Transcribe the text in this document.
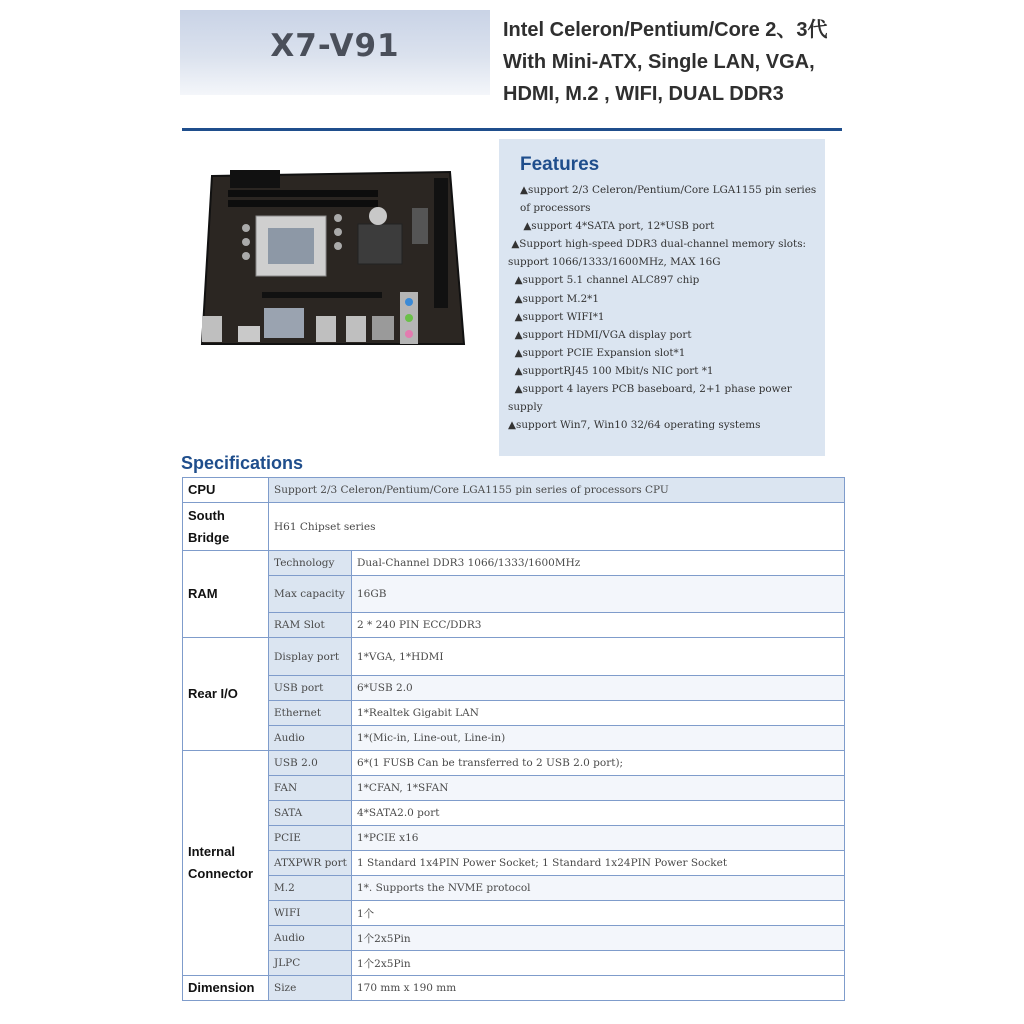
X7-V91	Intel Celeron/Pentium/Core 2、3代
With Mini-ATX, Single LAN, VGA,
HDMI, M.2 , WIFI, DUAL DDR3
Features
▲support 2/3 Celeron/Pentium/Core LGA1155 pin series of processors
▲support 4*SATA port, 12*USB port
▲Support high-speed DDR3 dual-channel memory slots: support 1066/1333/1600MHz, MAX 16G
▲support 5.1 channel ALC897 chip
▲support M.2*1
▲support WIFI*1
▲support HDMI/VGA display port
▲support PCIE Expansion slot*1
▲supportRJ45 100 Mbit/s NIC port *1
▲support 4 layers PCB baseboard, 2+1 phase power supply
▲support Win7, Win10 32/64 operating systems
Specifications
CPU	Support 2/3 Celeron/Pentium/Core LGA1155 pin series of processors CPU	
South Bridge	H61 Chipset series	
RAM	Technology	Dual-Channel DDR3 1066/1333/1600MHz
	Max capacity	16GB
	RAM Slot	2 * 240 PIN ECC/DDR3
Rear I/O	Display port	1*VGA, 1*HDMI
	USB port	6*USB 2.0
	Ethernet	1*Realtek Gigabit LAN
	Audio	1*(Mic-in, Line-out, Line-in)
Internal Connector	USB 2.0	6*(1 FUSB Can be transferred to 2 USB 2.0 port);
	FAN	1*CFAN, 1*SFAN
	SATA	4*SATA2.0 port
	PCIE	1*PCIE x16
	ATXPWR port	1 Standard 1x4PIN Power Socket; 1 Standard 1x24PIN Power Socket
	M.2	1*. Supports the NVME protocol
	WIFI	1个
	Audio	1个2x5Pin
	JLPC	1个2x5Pin
Dimension	Size	170 mm x 190 mm
